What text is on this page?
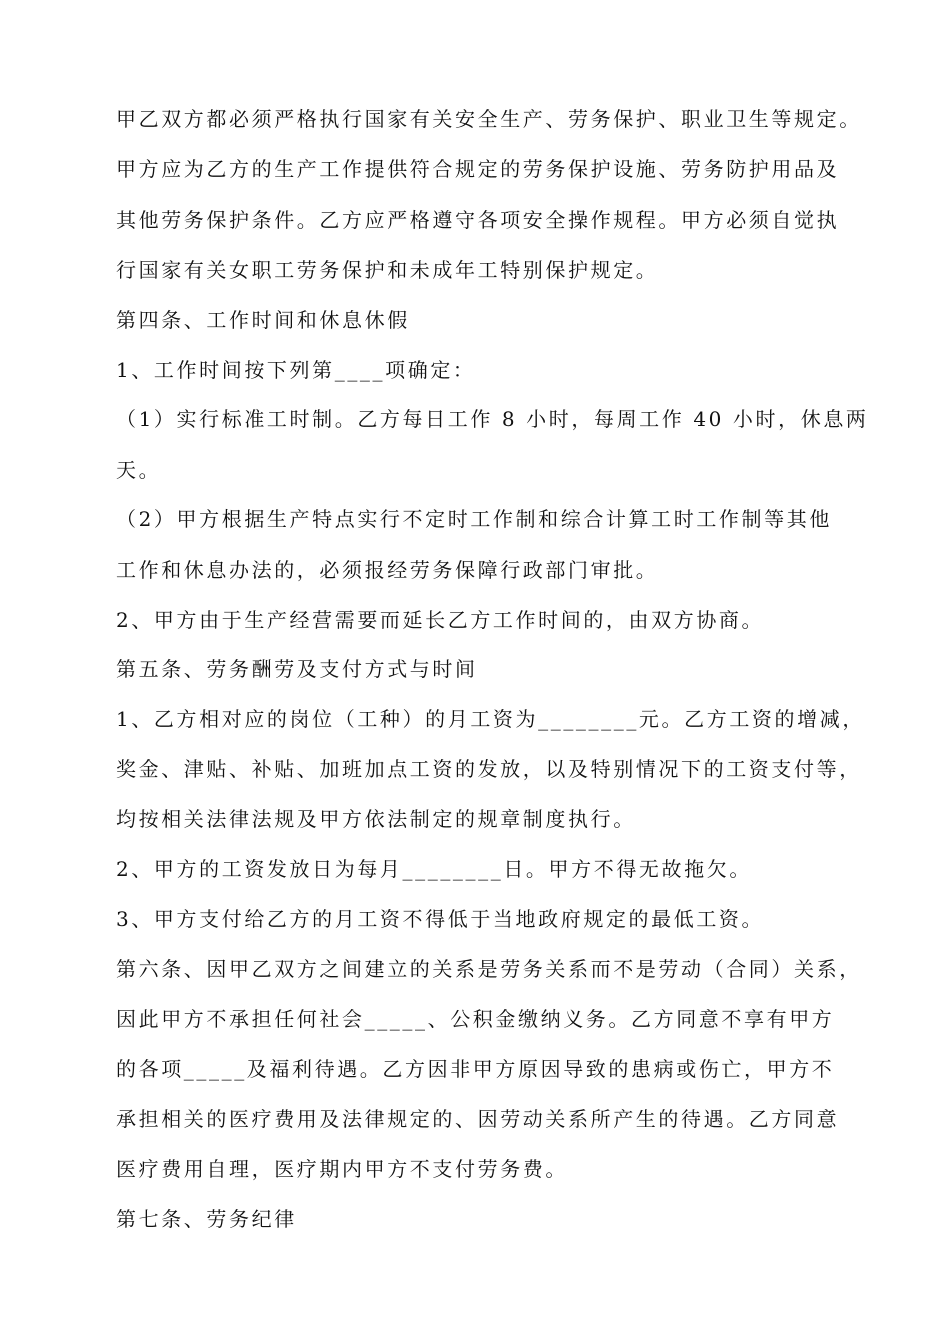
甲乙双方都必须严格执行国家有关安全生产、劳务保护、职业卫生等规定。
甲方应为乙方的生产工作提供符合规定的劳务保护设施、劳务防护用品及
其他劳务保护条件。乙方应严格遵守各项安全操作规程。甲方必须自觉执
行国家有关女职工劳务保护和未成年工特别保护规定。
第四条、工作时间和休息休假
1、工作时间按下列第____项确定：
（1）实行标准工时制。乙方每日工作 8 小时，每周工作 40 小时，休息两
天。
（2）甲方根据生产特点实行不定时工作制和综合计算工时工作制等其他
工作和休息办法的，必须报经劳务保障行政部门审批。
2、甲方由于生产经营需要而延长乙方工作时间的，由双方协商。
第五条、劳务酬劳及支付方式与时间
1、乙方相对应的岗位（工种）的月工资为________元。乙方工资的增减，
奖金、津贴、补贴、加班加点工资的发放，以及特别情况下的工资支付等，
均按相关法律法规及甲方依法制定的规章制度执行。
2、甲方的工资发放日为每月________日。甲方不得无故拖欠。
3、甲方支付给乙方的月工资不得低于当地政府规定的最低工资。
第六条、因甲乙双方之间建立的关系是劳务关系而不是劳动（合同）关系，
因此甲方不承担任何社会_____、公积金缴纳义务。乙方同意不享有甲方
的各项_____及福利待遇。乙方因非甲方原因导致的患病或伤亡，甲方不
承担相关的医疗费用及法律规定的、因劳动关系所产生的待遇。乙方同意
医疗费用自理，医疗期内甲方不支付劳务费。
第七条、劳务纪律
